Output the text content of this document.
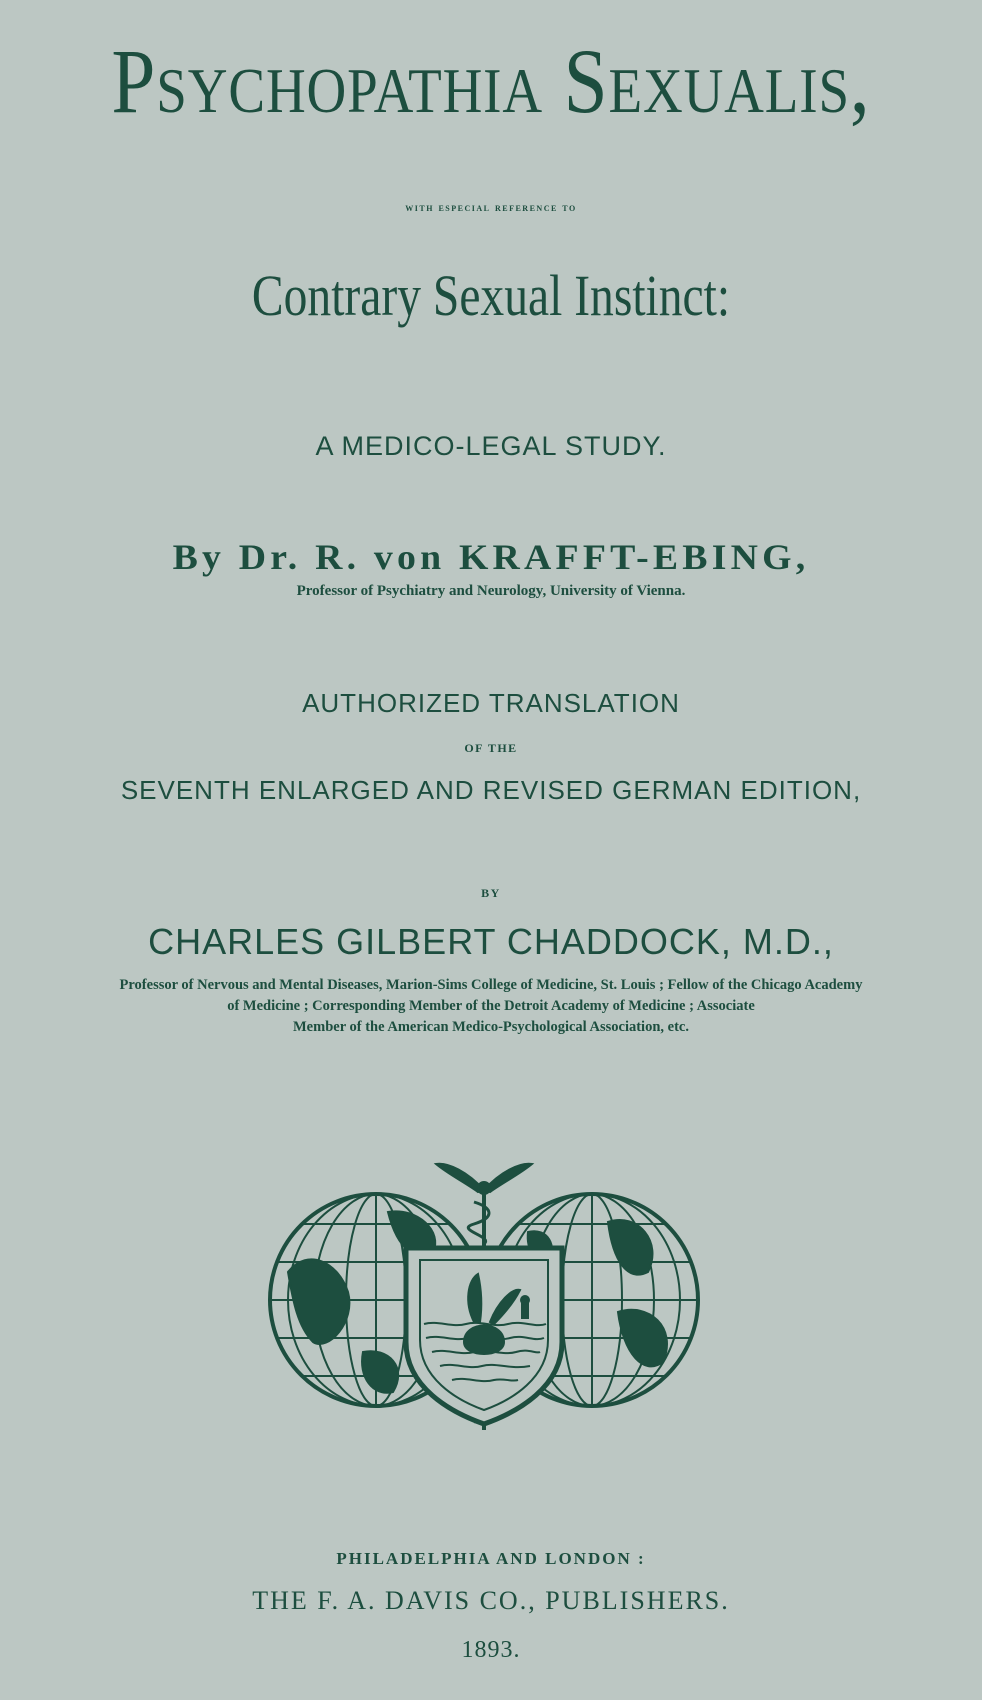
Psychopathia Sexualis,
with especial reference to
Contrary Sexual Instinct:
A MEDICO-LEGAL STUDY.
By Dr. R. von KRAFFT-EBING,
Professor of Psychiatry and Neurology, University of Vienna.
AUTHORIZED TRANSLATION
OF THE
SEVENTH ENLARGED AND REVISED GERMAN EDITION,
BY
CHARLES GILBERT CHADDOCK, M.D.,
Professor of Nervous and Mental Diseases, Marion-Sims College of Medicine, St. Louis ; Fellow of the Chicago Academy
of Medicine ; Corresponding Member of the Detroit Academy of Medicine ; Associate
Member of the American Medico-Psychological Association, etc.
PHILADELPHIA AND LONDON :
THE F. A. DAVIS CO., PUBLISHERS.
1893.
